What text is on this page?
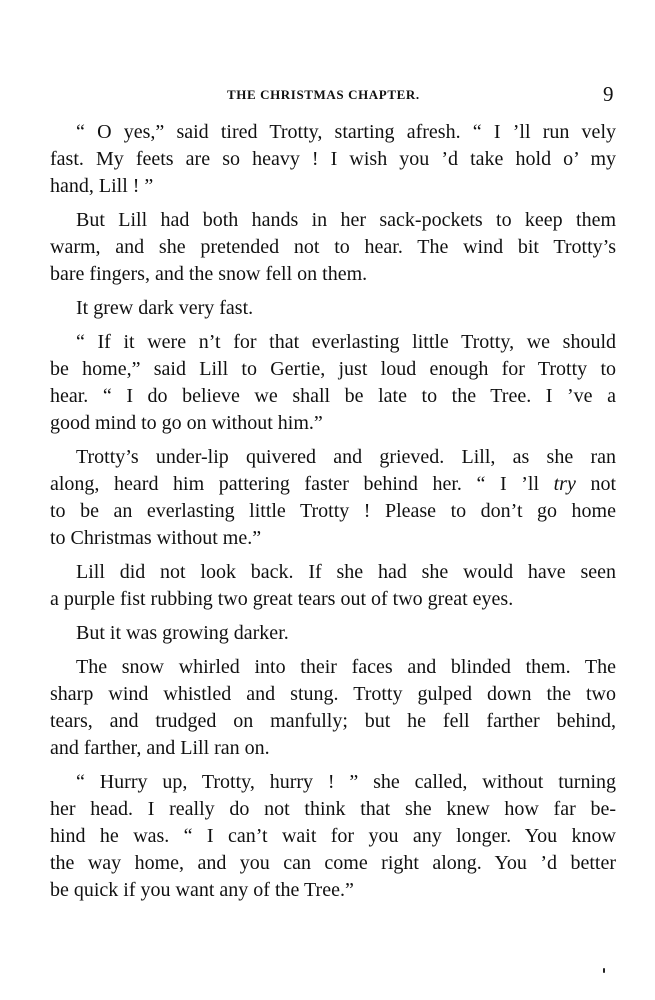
THE CHRISTMAS CHAPTER.	9
“ O yes,” said tired Trotty, starting afresh. “ I ’ll run vely
fast. My feets are so heavy ! I wish you ’d take hold o’ my
hand, Lill ! ”
But Lill had both hands in her sack-pockets to keep them
warm, and she pretended not to hear. The wind bit Trotty’s
bare fingers, and the snow fell on them.
It grew dark very fast.
“ If it were n’t for that everlasting little Trotty, we should
be home,” said Lill to Gertie, just loud enough for Trotty to
hear. “ I do believe we shall be late to the Tree. I ’ve a
good mind to go on without him.”
Trotty’s under-lip quivered and grieved. Lill, as she ran
along, heard him pattering faster behind her. “ I ’ll try not
to be an everlasting little Trotty ! Please to don’t go home
to Christmas without me.”
Lill did not look back. If she had she would have seen
a purple fist rubbing two great tears out of two great eyes.
But it was growing darker.
The snow whirled into their faces and blinded them. The
sharp wind whistled and stung. Trotty gulped down the two
tears, and trudged on manfully; but he fell farther behind,
and farther, and Lill ran on.
“ Hurry up, Trotty, hurry ! ” she called, without turning
her head. I really do not think that she knew how far be-
hind he was. “ I can’t wait for you any longer. You know
the way home, and you can come right along. You ’d better
be quick if you want any of the Tree.”
